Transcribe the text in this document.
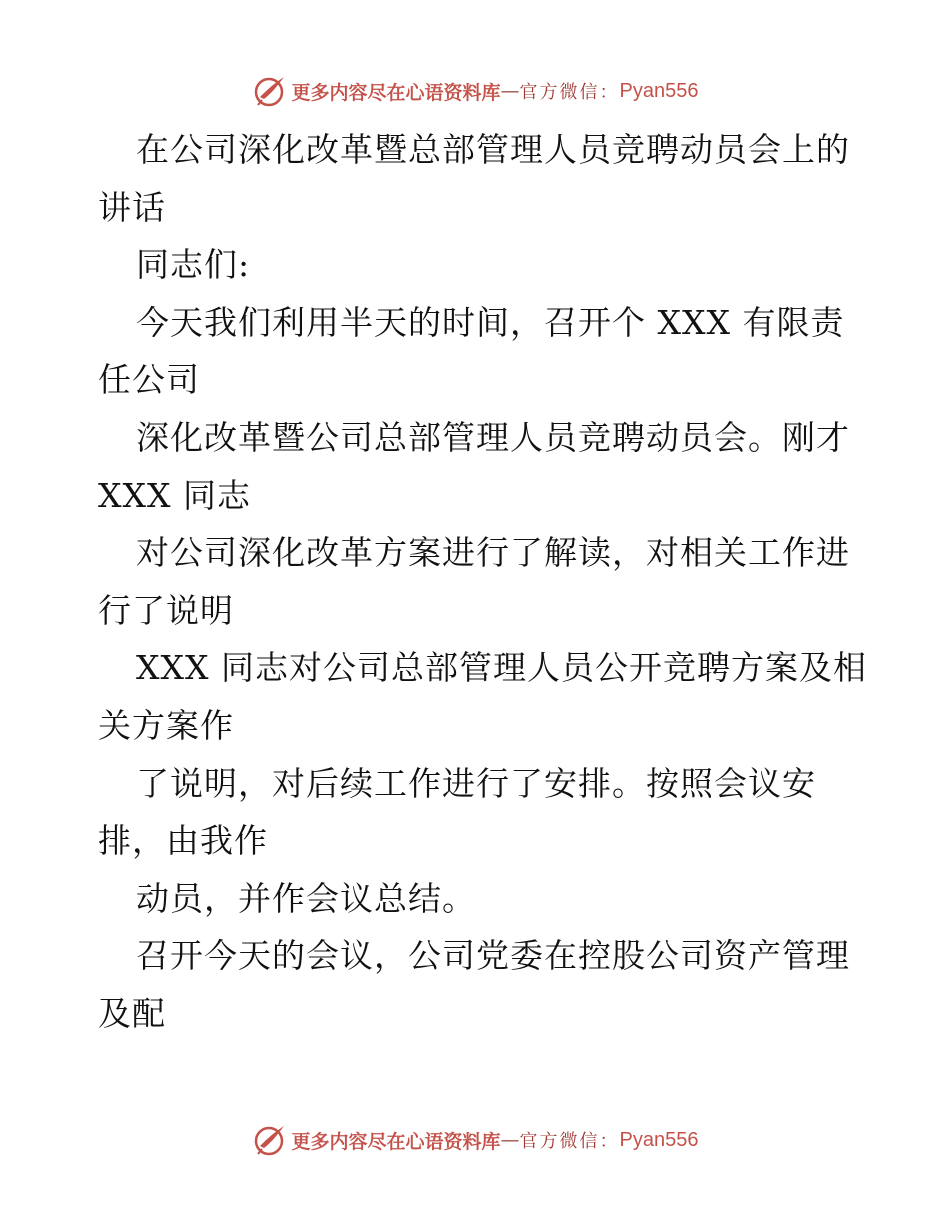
更多内容尽在心语资料库 — 官方微信： Pyan556
在公司深化改革暨总部管理人员竞聘动员会上的
讲话
同志们:
今天我们利用半天的时间，召开个 XXX 有限责
任公司
深化改革暨公司总部管理人员竞聘动员会。刚才
XXX 同志
对公司深化改革方案进行了解读，对相关工作进
行了说明
XXX 同志对公司总部管理人员公开竞聘方案及相
关方案作
了说明，对后续工作进行了安排。按照会议安
排，由我作
动员，并作会议总结。
召开今天的会议，公司党委在控股公司资产管理
及配
更多内容尽在心语资料库 — 官方微信： Pyan556
